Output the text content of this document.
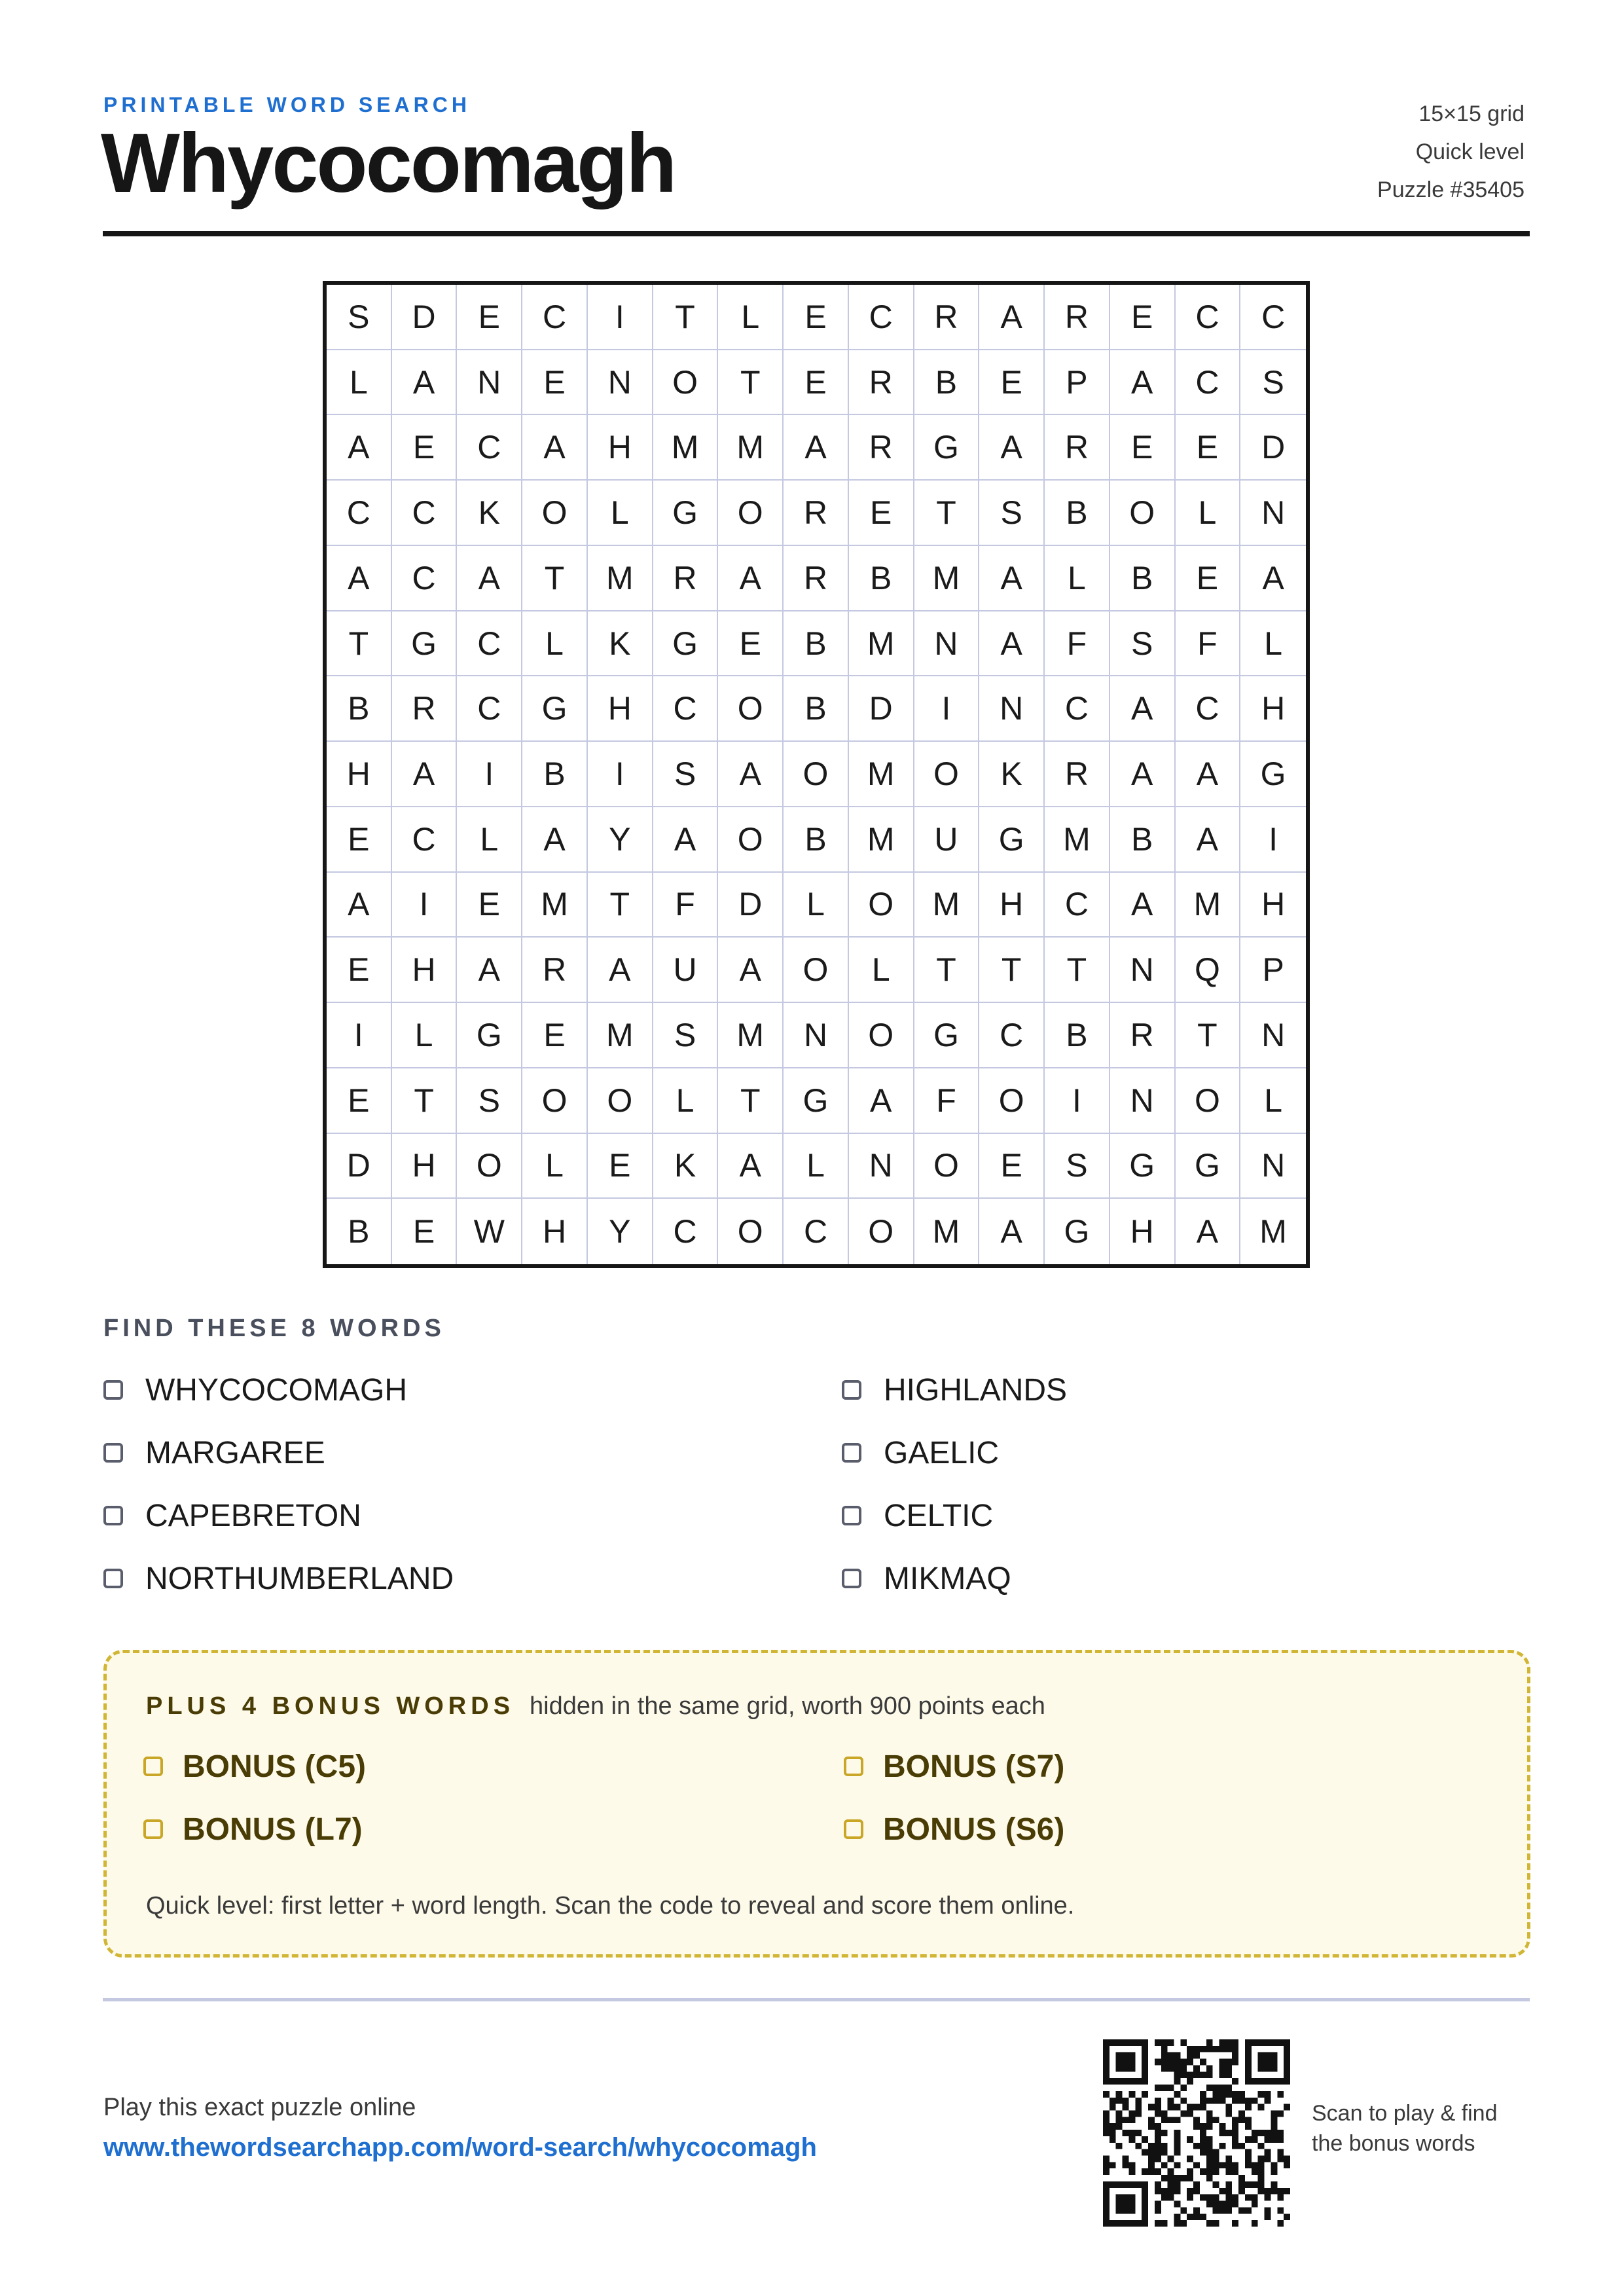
PRINTABLE WORD SEARCH
Whycocomagh
15×15 grid
Quick level
Puzzle #35405
S	D	E	C	I	T	L	E	C	R	A	R	E	C	C
L	A	N	E	N	O	T	E	R	B	E	P	A	C	S
A	E	C	A	H	M	M	A	R	G	A	R	E	E	D
C	C	K	O	L	G	O	R	E	T	S	B	O	L	N
A	C	A	T	M	R	A	R	B	M	A	L	B	E	A
T	G	C	L	K	G	E	B	M	N	A	F	S	F	L
B	R	C	G	H	C	O	B	D	I	N	C	A	C	H
H	A	I	B	I	S	A	O	M	O	K	R	A	A	G
E	C	L	A	Y	A	O	B	M	U	G	M	B	A	I
A	I	E	M	T	F	D	L	O	M	H	C	A	M	H
E	H	A	R	A	U	A	O	L	T	T	T	N	Q	P
I	L	G	E	M	S	M	N	O	G	C	B	R	T	N
E	T	S	O	O	L	T	G	A	F	O	I	N	O	L
D	H	O	L	E	K	A	L	N	O	E	S	G	G	N
B	E	W	H	Y	C	O	C	O	M	A	G	H	A	M
FIND THESE 8 WORDS
WHYCOCOMAGH	HIGHLANDS
MARGAREE	GAELIC
CAPEBRETON	CELTIC
NORTHUMBERLAND	MIKMAQ
PLUS 4 BONUS WORDS hidden in the same grid, worth 900 points each
BONUS (C5)	BONUS (S7)
BONUS (L7)	BONUS (S6)
Quick level: first letter + word length. Scan the code to reveal and score them online.
Play this exact puzzle online
www.thewordsearchapp.com/word-search/whycocomagh
Scan to play & find
the bonus words
